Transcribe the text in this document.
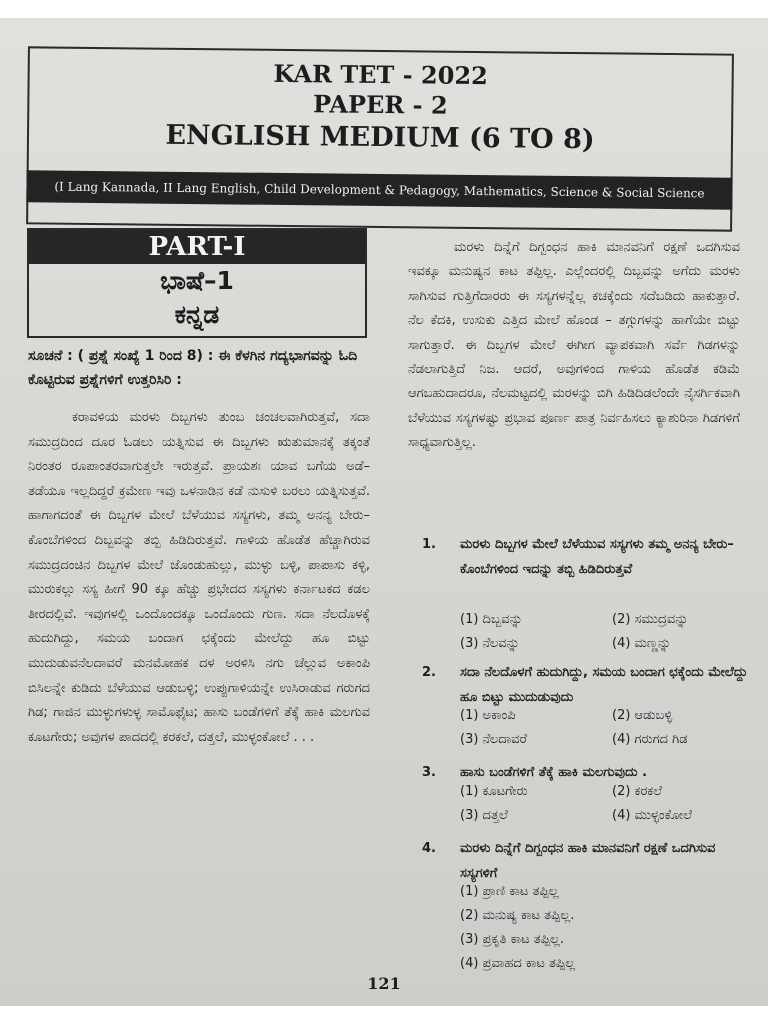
KAR TET - 2022
PAPER - 2
ENGLISH MEDIUM (6 TO 8)
(I Lang Kannada, II Lang English, Child Development & Pedagogy, Mathematics, Science & Social Science
PART-I
ಭಾಷೆ–1
ಕನ್ನಡ
ಸೂಚನೆ : ( ಪ್ರಶ್ನೆ ಸಂಖ್ಯೆ 1 ರಿಂದ 8) : ಈ ಕೆಳಗಿನ ಗದ್ಯಭಾಗವನ್ನು ಓದಿ ಕೊಟ್ಟಿರುವ ಪ್ರಶ್ನೆಗಳಿಗೆ ಉತ್ತರಿಸಿರಿ :
ಕರಾವಳಿಯ ಮರಳು ದಿಬ್ಬಗಳು ತುಂಬ ಚಂಚಲವಾಗಿರುತ್ತವೆ, ಸದಾ ಸಮುದ್ರದಿಂದ ದೂರ ಓಡಲು ಯತ್ನಿಸುವ ಈ ದಿಬ್ಬಗಳು ಋತುಮಾನಕ್ಕೆ ತಕ್ಕಂತೆ ನಿರಂತರ ರೂಪಾಂತರವಾಗುತ್ತಲೇ ಇರುತ್ತವೆ. ಪ್ರಾಯಶಃ ಯಾವ ಬಗೆಯ ಅಡೆ–ತಡೆಯೂ ಇಲ್ಲದಿದ್ದರೆ ಕ್ರಮೇಣ ಇವು ಒಳನಾಡಿನ ಕಡೆ ನುಸುಳಿ ಬರಲು ಯತ್ನಿಸುತ್ತವೆ. ಹಾಗಾಗದಂತೆ ಈ ದಿಬ್ಬಗಳ ಮೇಲೆ ಬೆಳೆಯುವ ಸಸ್ಯಗಳು, ತಮ್ಮ ಅನನ್ಯ ಬೇರು–ಕೊಂಬೆಗಳಿಂದ ದಿಬ್ಬವನ್ನು ತಬ್ಬಿ ಹಿಡಿದಿರುತ್ತವೆ. ಗಾಳಿಯ ಹೊಡೆತ ಹೆಚ್ಚಾಗಿರುವ ಸಮುದ್ರದಂಚಿನ ದಿಬ್ಬಗಳ ಮೇಲೆ ಜೊಂಡುಹುಲ್ಲು, ಮುಳ್ಳು ಬಳ್ಳಿ, ಪಾಪಾಸು ಕಳ್ಳಿ, ಮುರುಕಲ್ಲು ಸಸ್ಯ ಹೀಗೆ 90 ಕ್ಕೂ ಹೆಚ್ಚು ಪ್ರಭೇದದ ಸಸ್ಯಗಳು ಕರ್ನಾಟಕದ ಕಡಲ ತೀರದಲ್ಲಿವೆ. ಇವುಗಳಲ್ಲಿ ಒಂದೊಂದಕ್ಕೂ ಒಂದೊಂದು ಗುಣ. ಸದಾ ನೆಲದೊಳಕ್ಕೆ ಹುದುಗಿದ್ದು, ಸಮಯ ಬಂದಾಗ ಛಕ್ಕೆಂದು ಮೇಲೆದ್ದು ಹೂ ಬಿಟ್ಟು ಮುದುಡುವನೆಲದಾವರೆ ಮನಮೋಹಕ ದಳ ಅರಳಿಸಿ ನಗು ಚೆಲ್ಲುವ ಅಕಾಂಪಿ ಬಿಸಿಲನ್ನೇ ಕುಡಿದು ಬೆಳೆಯುವ ಆಡುಬಳ್ಳಿ; ಉಪ್ಪುಗಾಳಿಯನ್ನೇ ಉಸಿರಾಡುವ ಗರುಗದ ಗಿಡ; ಗಾಜಿನ ಮುಳ್ಳುಗಳುಳ್ಳ ಸಾಮೊಫೈಟ; ಹಾಸು ಬಂಡೆಗಳಿಗೆ ತೆಕ್ಕೆ ಹಾಕಿ ಮಲಗುವ ಕೂಟಗೇರು; ಅವುಗಳ ಪಾದದಲ್ಲಿ ಕರಕಲೆ, ದತ್ತಲೆ, ಮುಳ್ಳಂಕೋಲೆ . . .
ಮರಳು ದಿನ್ನೆಗೆ ದಿಗ್ಬಂಧನ ಹಾಕಿ ಮಾನವನಿಗೆ ರಕ್ಷಣೆ ಒದಗಿಸುವ ಇವಕ್ಕೂ ಮನುಷ್ಯನ ಕಾಟ ತಪ್ಪಿಲ್ಲ. ಎಲ್ಲೆಂದರಲ್ಲಿ ದಿಬ್ಬವನ್ನು ಅಗೆದು ಮರಳು ಸಾಗಿಸುವ ಗುತ್ತಿಗೆದಾರರು ಈ ಸಸ್ಯಗಳನ್ನೆಲ್ಲ ಕಚಕ್ಕೆಂದು ಸದೆಬಡಿದು ಹಾಕುತ್ತಾರೆ. ನೆಲ ಕೆದಕಿ, ಉಸುಕು ಎತ್ತಿದ ಮೇಲೆ ಹೊಂಡ – ತಗ್ಗುಗಳನ್ನು ಹಾಗೆಯೇ ಬಿಟ್ಟು ಸಾಗುತ್ತಾರೆ. ಈ ದಿಬ್ಬಗಳ ಮೇಲೆ ಈಗೀಗ ವ್ಯಾಪಕವಾಗಿ ಸರ್ವೆ ಗಿಡಗಳನ್ನು ನೆಡಲಾಗುತ್ತಿದೆ ನಿಜ. ಆದರೆ, ಅವುಗಳಿಂದ ಗಾಳಿಯ ಹೊಡೆತ ಕಡಿಮೆ ಆಗಬಹುದಾದರೂ, ನೆಲಮಟ್ಟದಲ್ಲಿ ಮರಳನ್ನು ಬಿಗಿ ಹಿಡಿದಿಡಲೆಂದೇ ನೈಸರ್ಗಿಕವಾಗಿ ಬೆಳೆಯುವ ಸಸ್ಯಗಳಷ್ಟು ಪ್ರಭಾವ ಪೂರ್ಣ ಪಾತ್ರ ನಿರ್ವಹಿಸಲು ಕ್ಯಾಶುರಿನಾ ಗಿಡಗಳಿಗೆ ಸಾಧ್ಯವಾಗುತ್ತಿಲ್ಲ.
1.	ಮರಳು ದಿಬ್ಬಗಳ ಮೇಲೆ ಬೆಳೆಯುವ ಸಸ್ಯಗಳು ತಮ್ಮ ಅನನ್ಯ ಬೇರು–ಕೊಂಬೆಗಳಿಂದ ಇದನ್ನು ತಬ್ಬಿ ಹಿಡಿದಿರುತ್ತವೆ
(1) ದಿಬ್ಬವನ್ನು	(2) ಸಮುದ್ರವನ್ನು
(3) ನೆಲವನ್ನು	(4) ಮಣ್ಣನ್ನು
2.	ಸದಾ ನೆಲದೊಳಗೆ ಹುದುಗಿದ್ದು, ಸಮಯ ಬಂದಾಗ ಛಕ್ಕೆಂದು ಮೇಲೆದ್ದು ಹೂ ಬಿಟ್ಟು ಮುದುಡುವುದು
(1) ಅಕಾಂಪಿ	(2) ಆಡುಬಳ್ಳಿ
(3) ನೆಲದಾವರೆ	(4) ಗರುಗದ ಗಿಡ
3.	ಹಾಸು ಬಂಡೆಗಳಿಗೆ ತೆಕ್ಕೆ ಹಾಕಿ ಮಲಗುವುದು .
(1) ಕೂಟಗೇರು	(2) ಕರಕಲೆ
(3) ದತ್ತಲೆ	(4) ಮುಳ್ಳಂಕೋಲೆ
4.	ಮರಳು ದಿನ್ನೆಗೆ ದಿಗ್ಬಂಧನ ಹಾಕಿ ಮಾನವನಿಗೆ ರಕ್ಷಣೆ ಒದಗಿಸುವ ಸಸ್ಯಗಳಿಗೆ
(1) ಪ್ರಾಣಿ ಕಾಟ ತಪ್ಪಿಲ್ಲ
(2) ಮನುಷ್ಯ ಕಾಟ ತಪ್ಪಿಲ್ಲ.
(3) ಪ್ರಕೃತಿ ಕಾಟ ತಪ್ಪಿಲ್ಲ.
(4) ಪ್ರವಾಹದ ಕಾಟ ತಪ್ಪಿಲ್ಲ
121
